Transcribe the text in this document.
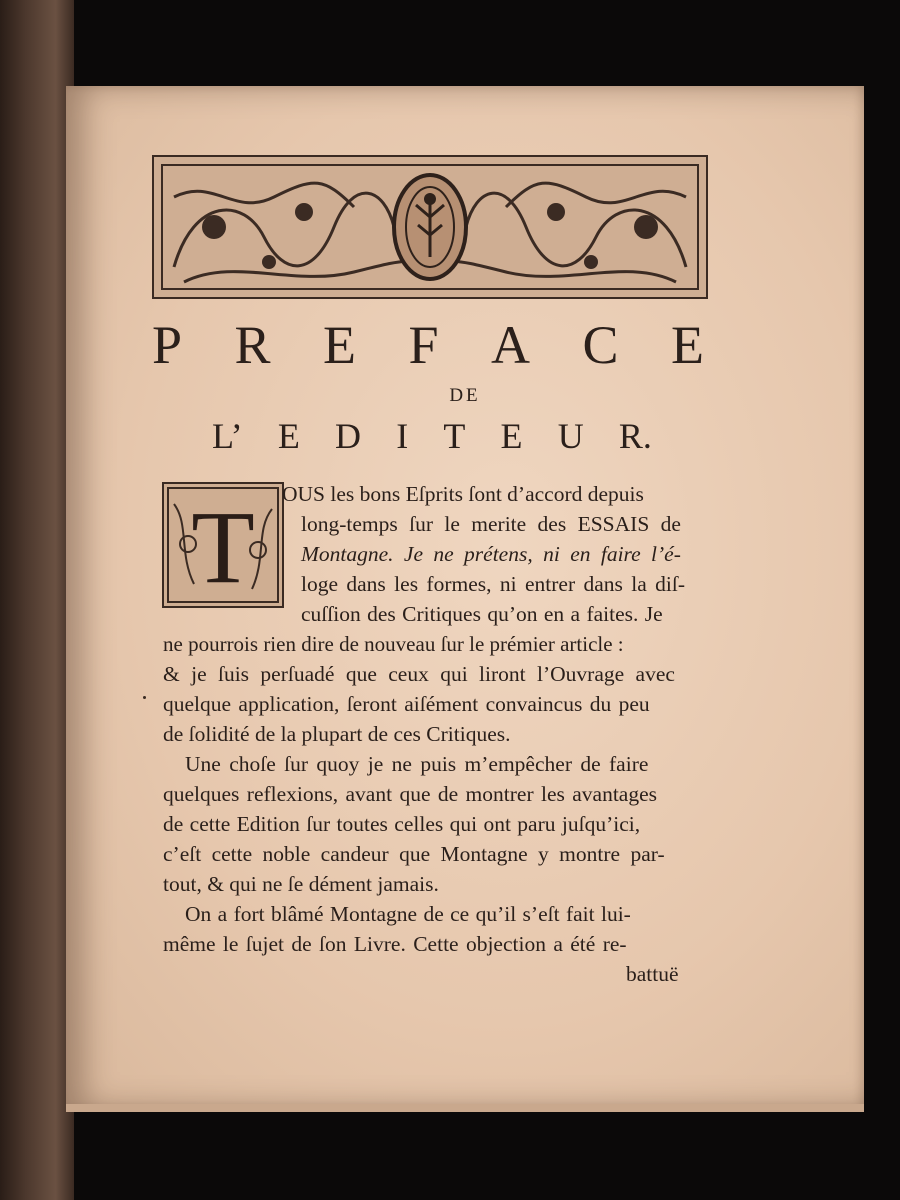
P R E F A C E
DE
L’ E D I T E U R.
T OUS les bons Eſprits ſont d’accord depuis
long-temps ſur le merite des ESSAIS de
Montagne. Je ne prétens, ni en faire l’é-
loge dans les formes, ni entrer dans la diſ-
cuſſion des Critiques qu’on en a faites. Je
ne pourrois rien dire de nouveau ſur le prémier article :
& je ſuis perſuadé que ceux qui liront l’Ouvrage avec
quelque application, ſeront aiſément convaincus du peu
de ſolidité de la plupart de ces Critiques.
Une choſe ſur quoy je ne puis m’empêcher de faire
quelques reflexions, avant que de montrer les avantages
de cette Edition ſur toutes celles qui ont paru juſqu’ici,
c’eſt cette noble candeur que Montagne y montre par-
tout, & qui ne ſe dément jamais.
On a fort blâmé Montagne de ce qu’il s’eſt fait lui-
même le ſujet de ſon Livre. Cette objection a été re-
battuë
